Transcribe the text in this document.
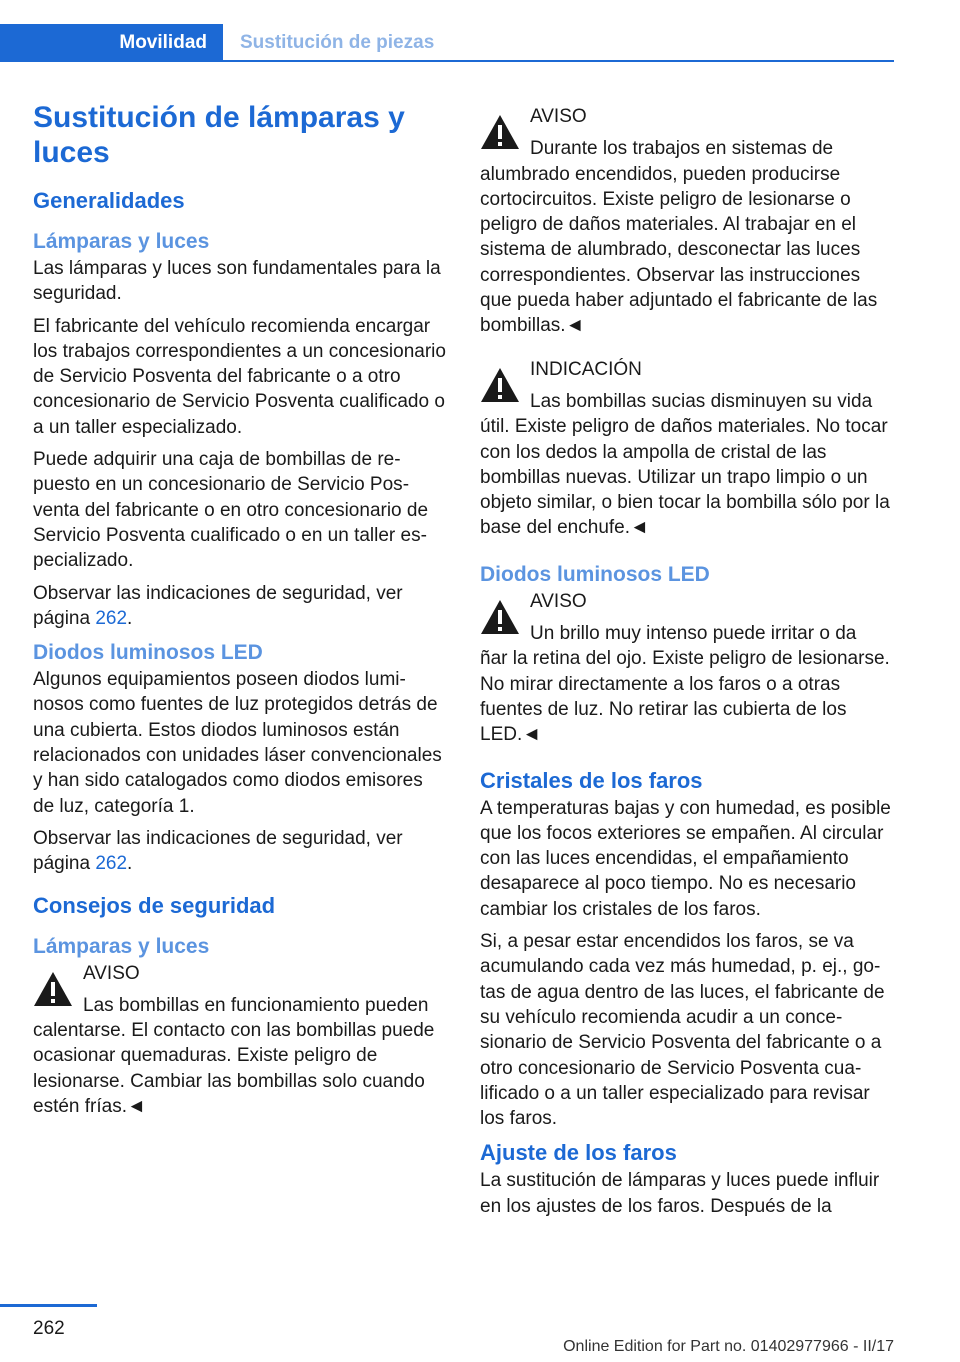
Movilidad	Sustitución de piezas
Sustitución de lámparas y luces
Generalidades
Lámparas y luces

Las lámparas y luces son fundamentales para la seguridad.

El fabricante del vehículo recomienda encargar los trabajos correspondientes a un concesionario de Servicio Posventa del fabricante o a otro concesionario de Servicio Posventa cualificado o a un taller especializado.

Puede adquirir una caja de bombillas de repuesto en un concesionario de Servicio Posventa del fabricante o en otro concesionario de Servicio Posventa cualificado o en un taller especializado.

Observar las indicaciones de seguridad, ver página 262.

Diodos luminosos LED

Algunos equipamientos poseen diodos luminosos como fuentes de luz protegidos detrás de una cubierta. Estos diodos luminosos están relacionados con unidades láser convencionales y han sido catalogados como diodos emisores de luz, categoría 1.

Observar las indicaciones de seguridad, ver página 262.

Consejos de seguridad
Lámparas y luces
AVISO

Las bombillas en funcionamiento pueden
calentarse. El contacto con las bombillas puede ocasionar quemaduras. Existe peligro de lesionarse. Cambiar las bombillas solo cuando estén frías.◄

AVISO

Durante los trabajos en sistemas de
alumbrado encendidos, pueden producirse cortocircuitos. Existe peligro de lesionarse o peligro de daños materiales. Al trabajar en el sistema de alumbrado, desconectar las luces correspondientes. Observar las instrucciones que pueda haber adjuntado el fabricante de las bombillas.◄

INDICACIÓN

Las bombillas sucias disminuyen su vida
útil. Existe peligro de daños materiales. No tocar con los dedos la ampolla de cristal de las bombillas nuevas. Utilizar un trapo limpio o un objeto similar, o bien tocar la bombilla sólo por la base del enchufe.◄

Diodos luminosos LED
AVISO

Un brillo muy intenso puede irritar o da
ñar la retina del ojo. Existe peligro de lesionarse. No mirar directamente a los faros o a otras fuentes de luz. No retirar las cubierta de los LED.◄

Cristales de los faros

A temperaturas bajas y con humedad, es posible que los focos exteriores se empañen. Al circular con las luces encendidas, el empañamiento desaparece al poco tiempo. No es necesario cambiar los cristales de los faros.

Si, a pesar estar encendidos los faros, se va acumulando cada vez más humedad, p. ej., gotas de agua dentro de las luces, el fabricante de su vehículo recomienda acudir a un concesionario de Servicio Posventa del fabricante o a otro concesionario de Servicio Posventa cualificado o a un taller especializado para revisar los faros.

Ajuste de los faros

La sustitución de lámparas y luces puede influir en los ajustes de los faros. Después de la

262
Online Edition for Part no. 01402977966 - II/17
